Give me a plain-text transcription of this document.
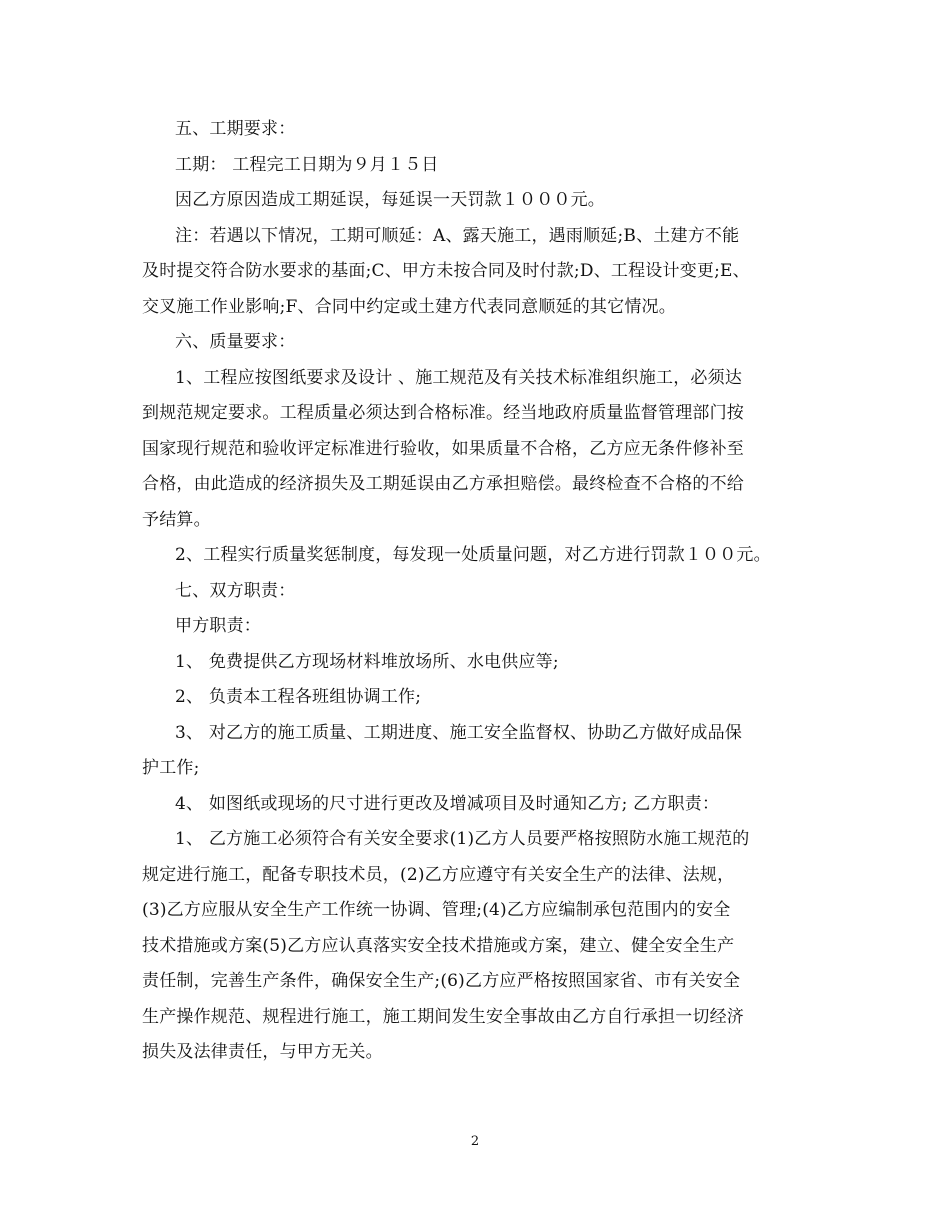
五、工期要求：
工期： 工程完工日期为９月１５日
因乙方原因造成工期延误，每延误一天罚款１０００元。
注：若遇以下情况，工期可顺延：A、露天施工，遇雨顺延;B、土建方不能
及时提交符合防水要求的基面;C、甲方未按合同及时付款;D、工程设计变更;E、
交叉施工作业影响;F、合同中约定或土建方代表同意顺延的其它情况。
六、质量要求：
1、工程应按图纸要求及设计 、施工规范及有关技术标准组织施工，必须达
到规范规定要求。工程质量必须达到合格标准。经当地政府质量监督管理部门按
国家现行规范和验收评定标准进行验收，如果质量不合格，乙方应无条件修补至
合格，由此造成的经济损失及工期延误由乙方承担赔偿。最终检查不合格的不给
予结算。
2、工程实行质量奖惩制度，每发现一处质量问题，对乙方进行罚款１００元。
七、双方职责：
甲方职责：
1、 免费提供乙方现场材料堆放场所、水电供应等;
2、 负责本工程各班组协调工作;
3、 对乙方的施工质量、工期进度、施工安全监督权、协助乙方做好成品保
护工作;
4、 如图纸或现场的尺寸进行更改及增减项目及时通知乙方; 乙方职责：
1、 乙方施工必须符合有关安全要求(1)乙方人员要严格按照防水施工规范的
规定进行施工，配备专职技术员，(2)乙方应遵守有关安全生产的法律、法规，
(3)乙方应服从安全生产工作统一协调、管理;(4)乙方应编制承包范围内的安全
技术措施或方案(5)乙方应认真落实安全技术措施或方案，建立、健全安全生产
责任制，完善生产条件，确保安全生产;(6)乙方应严格按照国家省、市有关安全
生产操作规范、规程进行施工，施工期间发生安全事故由乙方自行承担一切经济
损失及法律责任，与甲方无关。
2
